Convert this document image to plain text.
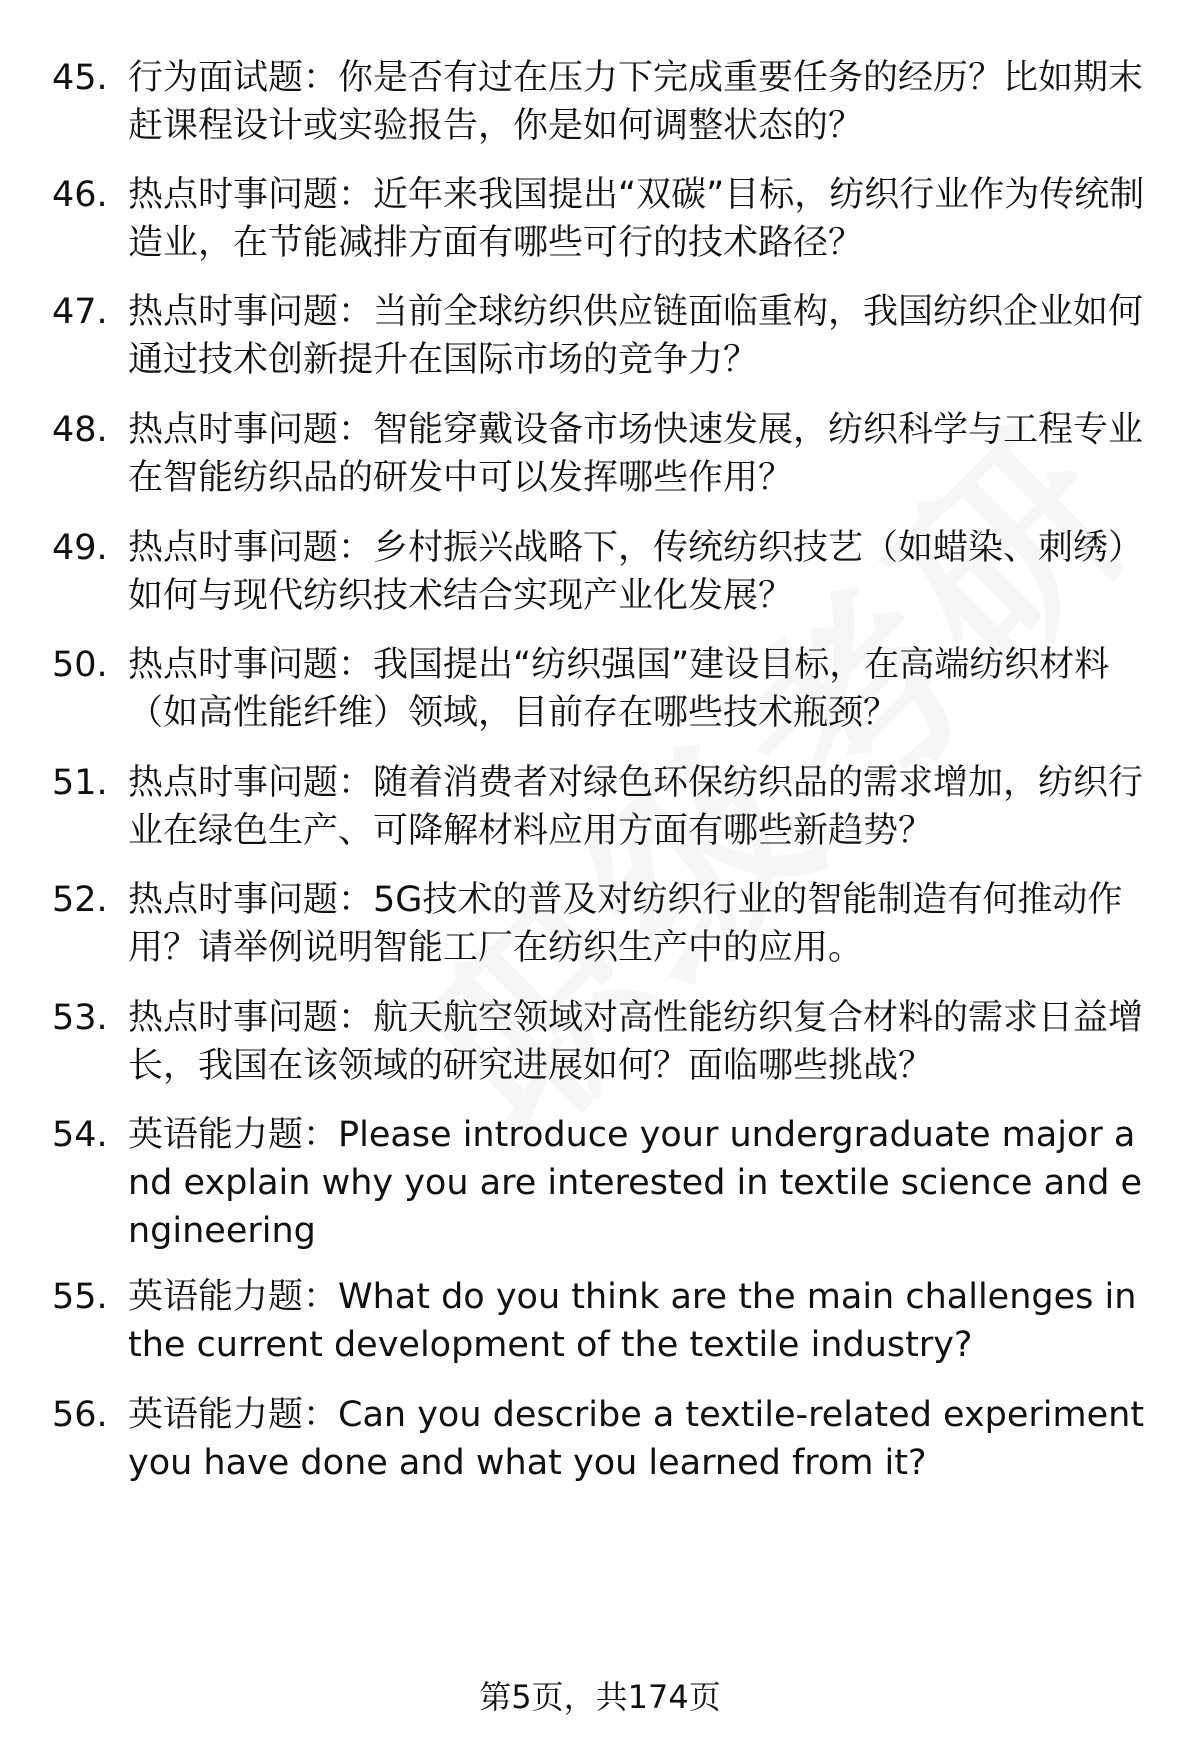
45. 行为面试题：你是否有过在压力下完成重要任务的经历？比如期末赶课程设计或实验报告，你是如何调整状态的？
46. 热点时事问题：近年来我国提出“双碳”目标，纺织行业作为传统制造业，在节能减排方面有哪些可行的技术路径？
47. 热点时事问题：当前全球纺织供应链面临重构，我国纺织企业如何通过技术创新提升在国际市场的竞争力？
48. 热点时事问题：智能穿戴设备市场快速发展，纺织科学与工程专业在智能纺织品的研发中可以发挥哪些作用？
49. 热点时事问题：乡村振兴战略下，传统纺织技艺（如蜡染、刺绣）如何与现代纺织技术结合实现产业化发展？
50. 热点时事问题：我国提出“纺织强国”建设目标，在高端纺织材料（如高性能纤维）领域，目前存在哪些技术瓶颈？
51. 热点时事问题：随着消费者对绿色环保纺织品的需求增加，纺织行业在绿色生产、可降解材料应用方面有哪些新趋势？
52. 热点时事问题：5G技术的普及对纺织行业的智能制造有何推动作用？请举例说明智能工厂在纺织生产中的应用。
53. 热点时事问题：航天航空领域对高性能纺织复合材料的需求日益增长，我国在该领域的研究进展如何？面临哪些挑战？
54. 英语能力题：Please introduce your undergraduate major and explain why you are interested in textile science and engineering
55. 英语能力题：What do you think are the main challenges in the current development of the textile industry?
56. 英语能力题：Can you describe a textile-related experiment you have done and what you learned from it?
第5页，共174页
